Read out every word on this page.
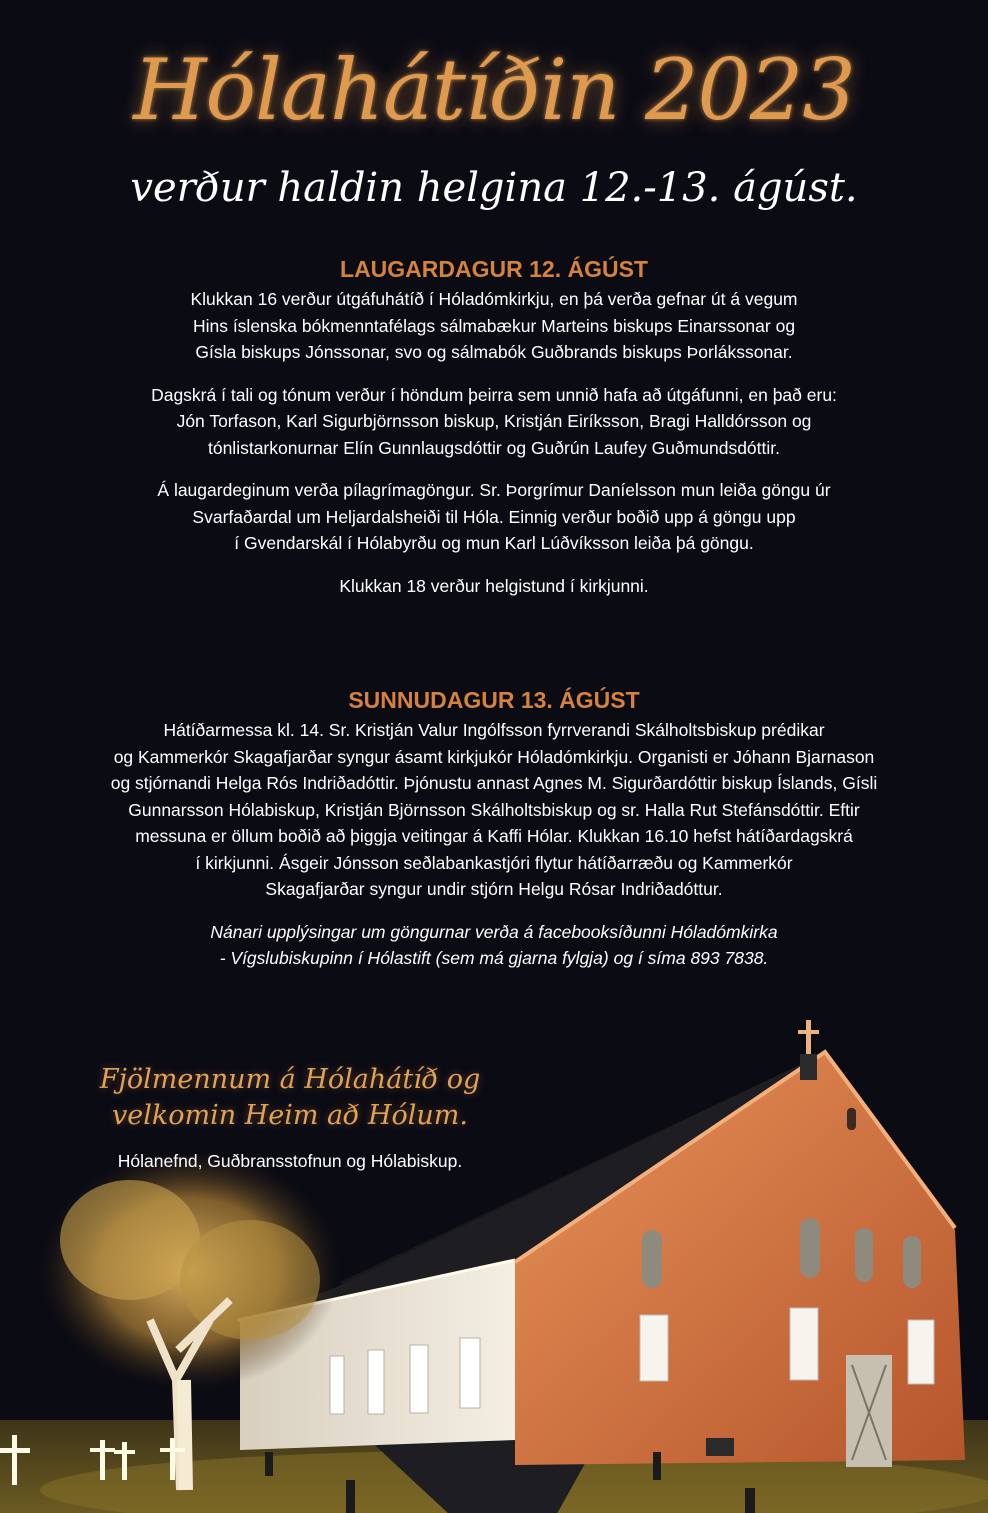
Hólahátíðin 2023
verður haldin helgina 12.-13. ágúst.
LAUGARDAGUR 12. ÁGÚST

Klukkan 16 verður útgáfuhátíð í Hóladómkirkju, en þá verða gefnar út á vegum
Hins íslenska bókmenntafélags sálmabækur Marteins biskups Einarssonar og
Gísla biskups Jónssonar, svo og sálmabók Guðbrands biskups Þorlákssonar.

Dagskrá í tali og tónum verður í höndum þeirra sem unnið hafa að útgáfunni, en það eru:
Jón Torfason, Karl Sigurbjörnsson biskup, Kristján Eiríksson, Bragi Halldórsson og
tónlistarkonurnar Elín Gunnlaugsdóttir og Guðrún Laufey Guðmundsdóttir.

Á laugardeginum verða pílagrímagöngur. Sr. Þorgrímur Daníelsson mun leiða göngu úr
Svarfaðardal um Heljardalsheiði til Hóla. Einnig verður boðið upp á göngu upp
í Gvendarskál í Hólabyrðu og mun Karl Lúðvíksson leiða þá göngu.

Klukkan 18 verður helgistund í kirkjunni.

SUNNUDAGUR 13. ÁGÚST

Hátíðarmessa kl. 14. Sr. Kristján Valur Ingólfsson fyrrverandi Skálholtsbiskup prédikar
og Kammerkór Skagafjarðar syngur ásamt kirkjukór Hóladómkirkju. Organisti er Jóhann Bjarnason
og stjórnandi Helga Rós Indriðadóttir. Þjónustu annast Agnes M. Sigurðardóttir biskup Íslands, Gísli
Gunnarsson Hólabiskup, Kristján Björnsson Skálholtsbiskup og sr. Halla Rut Stefánsdóttir. Eftir
messuna er öllum boðið að þiggja veitingar á Kaffi Hólar. Klukkan 16.10 hefst hátíðardagskrá
í kirkjunni. Ásgeir Jónsson seðlabankastjóri flytur hátíðarræðu og Kammerkór
Skagafjarðar syngur undir stjórn Helgu Rósar Indriðadóttur.

Nánari upplýsingar um göngurnar verða á facebooksíðunni Hóladómkirka
- Vígslubiskupinn í Hólastift (sem má gjarna fylgja) og í síma 893 7838.

Fjölmennum á Hólahátíð og
velkomin Heim að Hólum.
Hólanefnd, Guðbransstofnun og Hólabiskup.
